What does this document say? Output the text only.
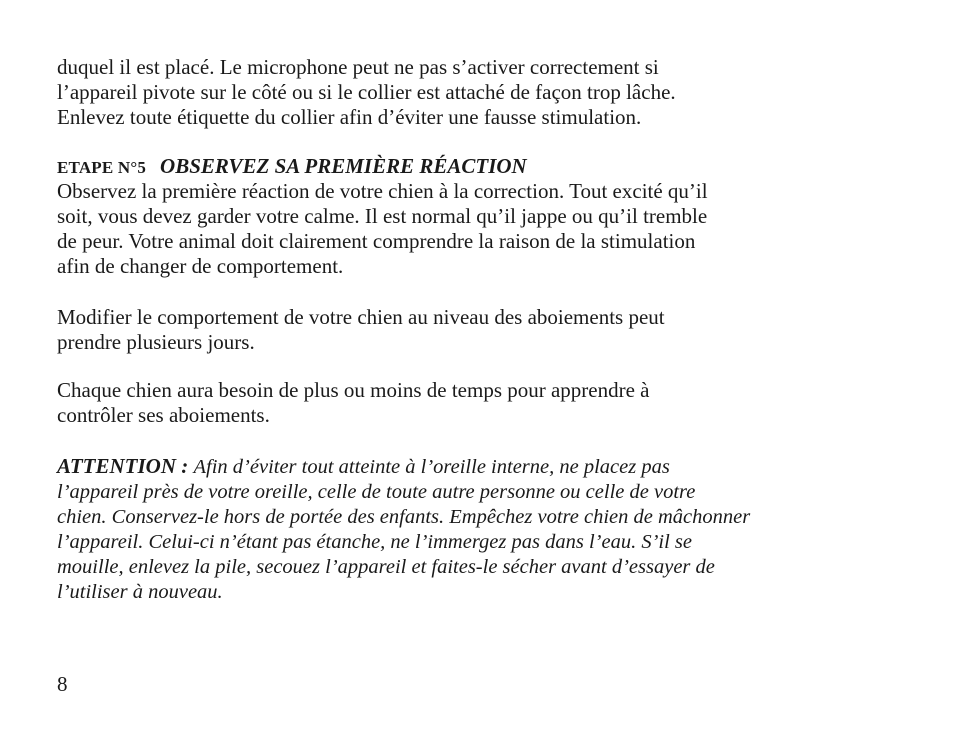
duquel il est placé. Le microphone peut ne pas s’activer correctement si
l’appareil pivote sur le côté ou si le collier est attaché de façon trop lâche.
Enlevez toute étiquette du collier afin d’éviter une fausse stimulation.

ETAPE N°5 OBSERVEZ SA PREMIÈRE RÉACTION

Observez la première réaction de votre chien à la correction. Tout excité qu’il
soit, vous devez garder votre calme. Il est normal qu’il jappe ou qu’il tremble
de peur. Votre animal doit clairement comprendre la raison de la stimulation
afin de changer de comportement.

Modifier le comportement de votre chien au niveau des aboiements peut
prendre plusieurs jours.

Chaque chien aura besoin de plus ou moins de temps pour apprendre à
contrôler ses aboiements.

ATTENTION : Afin d’éviter tout atteinte à l’oreille interne, ne placez pas
l’appareil près de votre oreille, celle de toute autre personne ou celle de votre
chien. Conservez-le hors de portée des enfants. Empêchez votre chien de mâchonner
l’appareil. Celui-ci n’étant pas étanche, ne l’immergez pas dans l’eau. S’il se
mouille, enlevez la pile, secouez l’appareil et faites-le sécher avant d’essayer de
l’utiliser à nouveau.

8
